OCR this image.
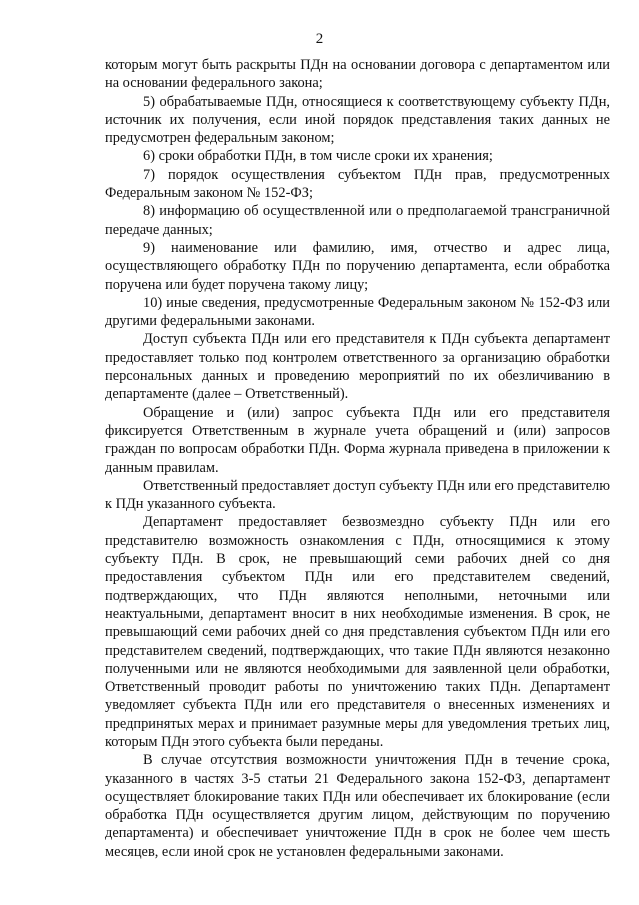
2

которым могут быть раскрыты ПДн на основании договора с департаментом или на основании федерального закона;

5) обрабатываемые ПДн, относящиеся к соответствующему субъекту ПДн, источник их получения, если иной порядок представления таких данных не предусмотрен федеральным законом;

6) сроки обработки ПДн, в том числе сроки их хранения;

7) порядок осуществления субъектом ПДн прав, предусмотренных Федеральным законом № 152-ФЗ;

8) информацию об осуществленной или о предполагаемой трансграничной передаче данных;

9) наименование или фамилию, имя, отчество и адрес лица, осуществляющего обработку ПДн по поручению департамента, если обработка поручена или будет поручена такому лицу;

10) иные сведения, предусмотренные Федеральным законом № 152-ФЗ или другими федеральными законами.

Доступ субъекта ПДн или его представителя к ПДн субъекта департамент предоставляет только под контролем ответственного за организацию обработки персональных данных и проведению мероприятий по их обезличиванию в департаменте (далее – Ответственный).

Обращение и (или) запрос субъекта ПДн или его представителя фиксируется Ответственным в журнале учета обращений и (или) запросов граждан по вопросам обработки ПДн. Форма журнала приведена в приложении к данным правилам.

Ответственный предоставляет доступ субъекту ПДн или его представителю к ПДн указанного субъекта.

Департамент предоставляет безвозмездно субъекту ПДн или его представителю возможность ознакомления с ПДн, относящимися к этому субъекту ПДн. В срок, не превышающий семи рабочих дней со дня предоставления субъектом ПДн или его представителем сведений, подтверждающих, что ПДн являются неполными, неточными или неактуальными, департамент вносит в них необходимые изменения. В срок, не превышающий семи рабочих дней со дня представления субъектом ПДн или его представителем сведений, подтверждающих, что такие ПДн являются незаконно полученными или не являются необходимыми для заявленной цели обработки, Ответственный проводит работы по уничтожению таких ПДн. Департамент уведомляет субъекта ПДн или его представителя о внесенных изменениях и предпринятых мерах и принимает разумные меры для уведомления третьих лиц, которым ПДн этого субъекта были переданы.

В случае отсутствия возможности уничтожения ПДн в течение срока, указанного в частях 3-5 статьи 21 Федерального закона 152-ФЗ, департамент осуществляет блокирование таких ПДн или обеспечивает их блокирование (если обработка ПДн осуществляется другим лицом, действующим по поручению департамента) и обеспечивает уничтожение ПДн в срок не более чем шесть месяцев, если иной срок не установлен федеральными законами.
